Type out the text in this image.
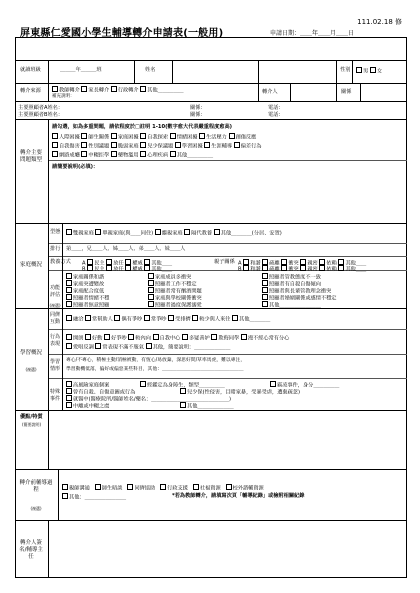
111.02.18 修
屏東縣仁愛國小學生輔導轉介申請表(一般用)	申請日期：＿＿年＿＿月＿＿日
就讀班級	＿＿＿年＿＿＿班	姓名	性別	男 女
轉介來源	教師轉介 家長轉介 行政轉介 其他＿＿＿＿＿
補充說明：
轉介人	關係
主要照顧者A姓名：	關係：	電話：
主要照顧者B姓名：	關係：	電話：
轉介主要問題類型
請勾選，如為多重問題，請依程度於□註明 1-10(數字愈大代表嚴重程度愈高)
人際困擾 師生關係 家庭困擾 自我探索 情緒困擾 生活壓力 創傷反應
自我傷害 性別議題 脆弱家庭 兒少保議題 學習困擾 生涯輔導 偏差行為
網路成癮 中輟拒學 藥物濫用 心理疾病 其他＿＿＿＿＿
請簡要說明(必填)：
家庭概況
型態	雙親家庭 單親家庭(與＿＿同住) 繼親家庭 隔代教養 其他＿＿＿＿(分居、安置)
排行 第＿＿，兄＿＿人、姊＿＿人、弟＿＿人、妹＿＿人
教養方式 A 民主 放任 權威 其他＿＿
B 民主 放任 權威 其他＿＿
親子關係 A 和諧 疏離 衝突 親密 依賴 其他＿＿
B 和諧 疏離 衝突 親密 依賴 其他＿＿
功能評估
(複選)
家庭關係和諧	家庭成員多衝突	照顧者管教態度不一致
家庭突遭變故	照顧者工作不穩定	照顧者有自殺自傷傾向
家庭配合度低	照顧者常有酗酒問題	照顧者與長輩管教理念衝突
照顧者情緒不穩	家庭與學校關係衝突	照顧者婚姻關係或感情不穩定
照顧者無意照顧	照顧者過度保護溺愛	其他＿＿＿＿＿＿＿＿
學習概況
(複選)
同儕互動	融洽 常幫助人 偶有爭吵 常爭吵 受排擠 較少與人來往 其他＿＿＿＿
行為表現
開朗 好動 好爭吵 較內向 自我中心 多疑善妒 欺侮同學 漫不經心常有分心
愛唱反調 常表現不滿不服氣 其他，簡要說明：＿＿＿＿＿＿＿
學習情形
專心/不專心，積極主動/消極被動，有恆心/易放棄，深思好問/草率馬虎，難以專注，
學習動機低落，偏好或偏惡某些科目，其他：＿＿＿＿＿＿＿＿＿＿＿＿＿＿＿＿＿
特殊事件
高風險家庭個案	經鑑定為身障生，類型＿＿＿＿＿	霸凌事件，身分＿＿＿＿＿
曾有自殺、自傷意圖或行為	兒少保(性侵害，目睹家暴，受暴受虐，遭棄疏忽)
就醫中(醫療院所/醫師姓名/藥名：＿＿＿＿＿＿＿＿＿＿＿＿＿＿＿)
中離或中輟之虞	其他＿＿＿＿＿＿＿
優點/特質
(簡要說明)
轉介前輔導過程
(複選)
親師溝通 師生晤談 同儕協助 行政支援 社福資源 校外諮輔資源
其他：＿＿＿＿＿＿＿＿	*若為教師轉介，請填寫次頁「輔導紀錄」或檢附相關紀錄
轉介人簽名/輔導主任
